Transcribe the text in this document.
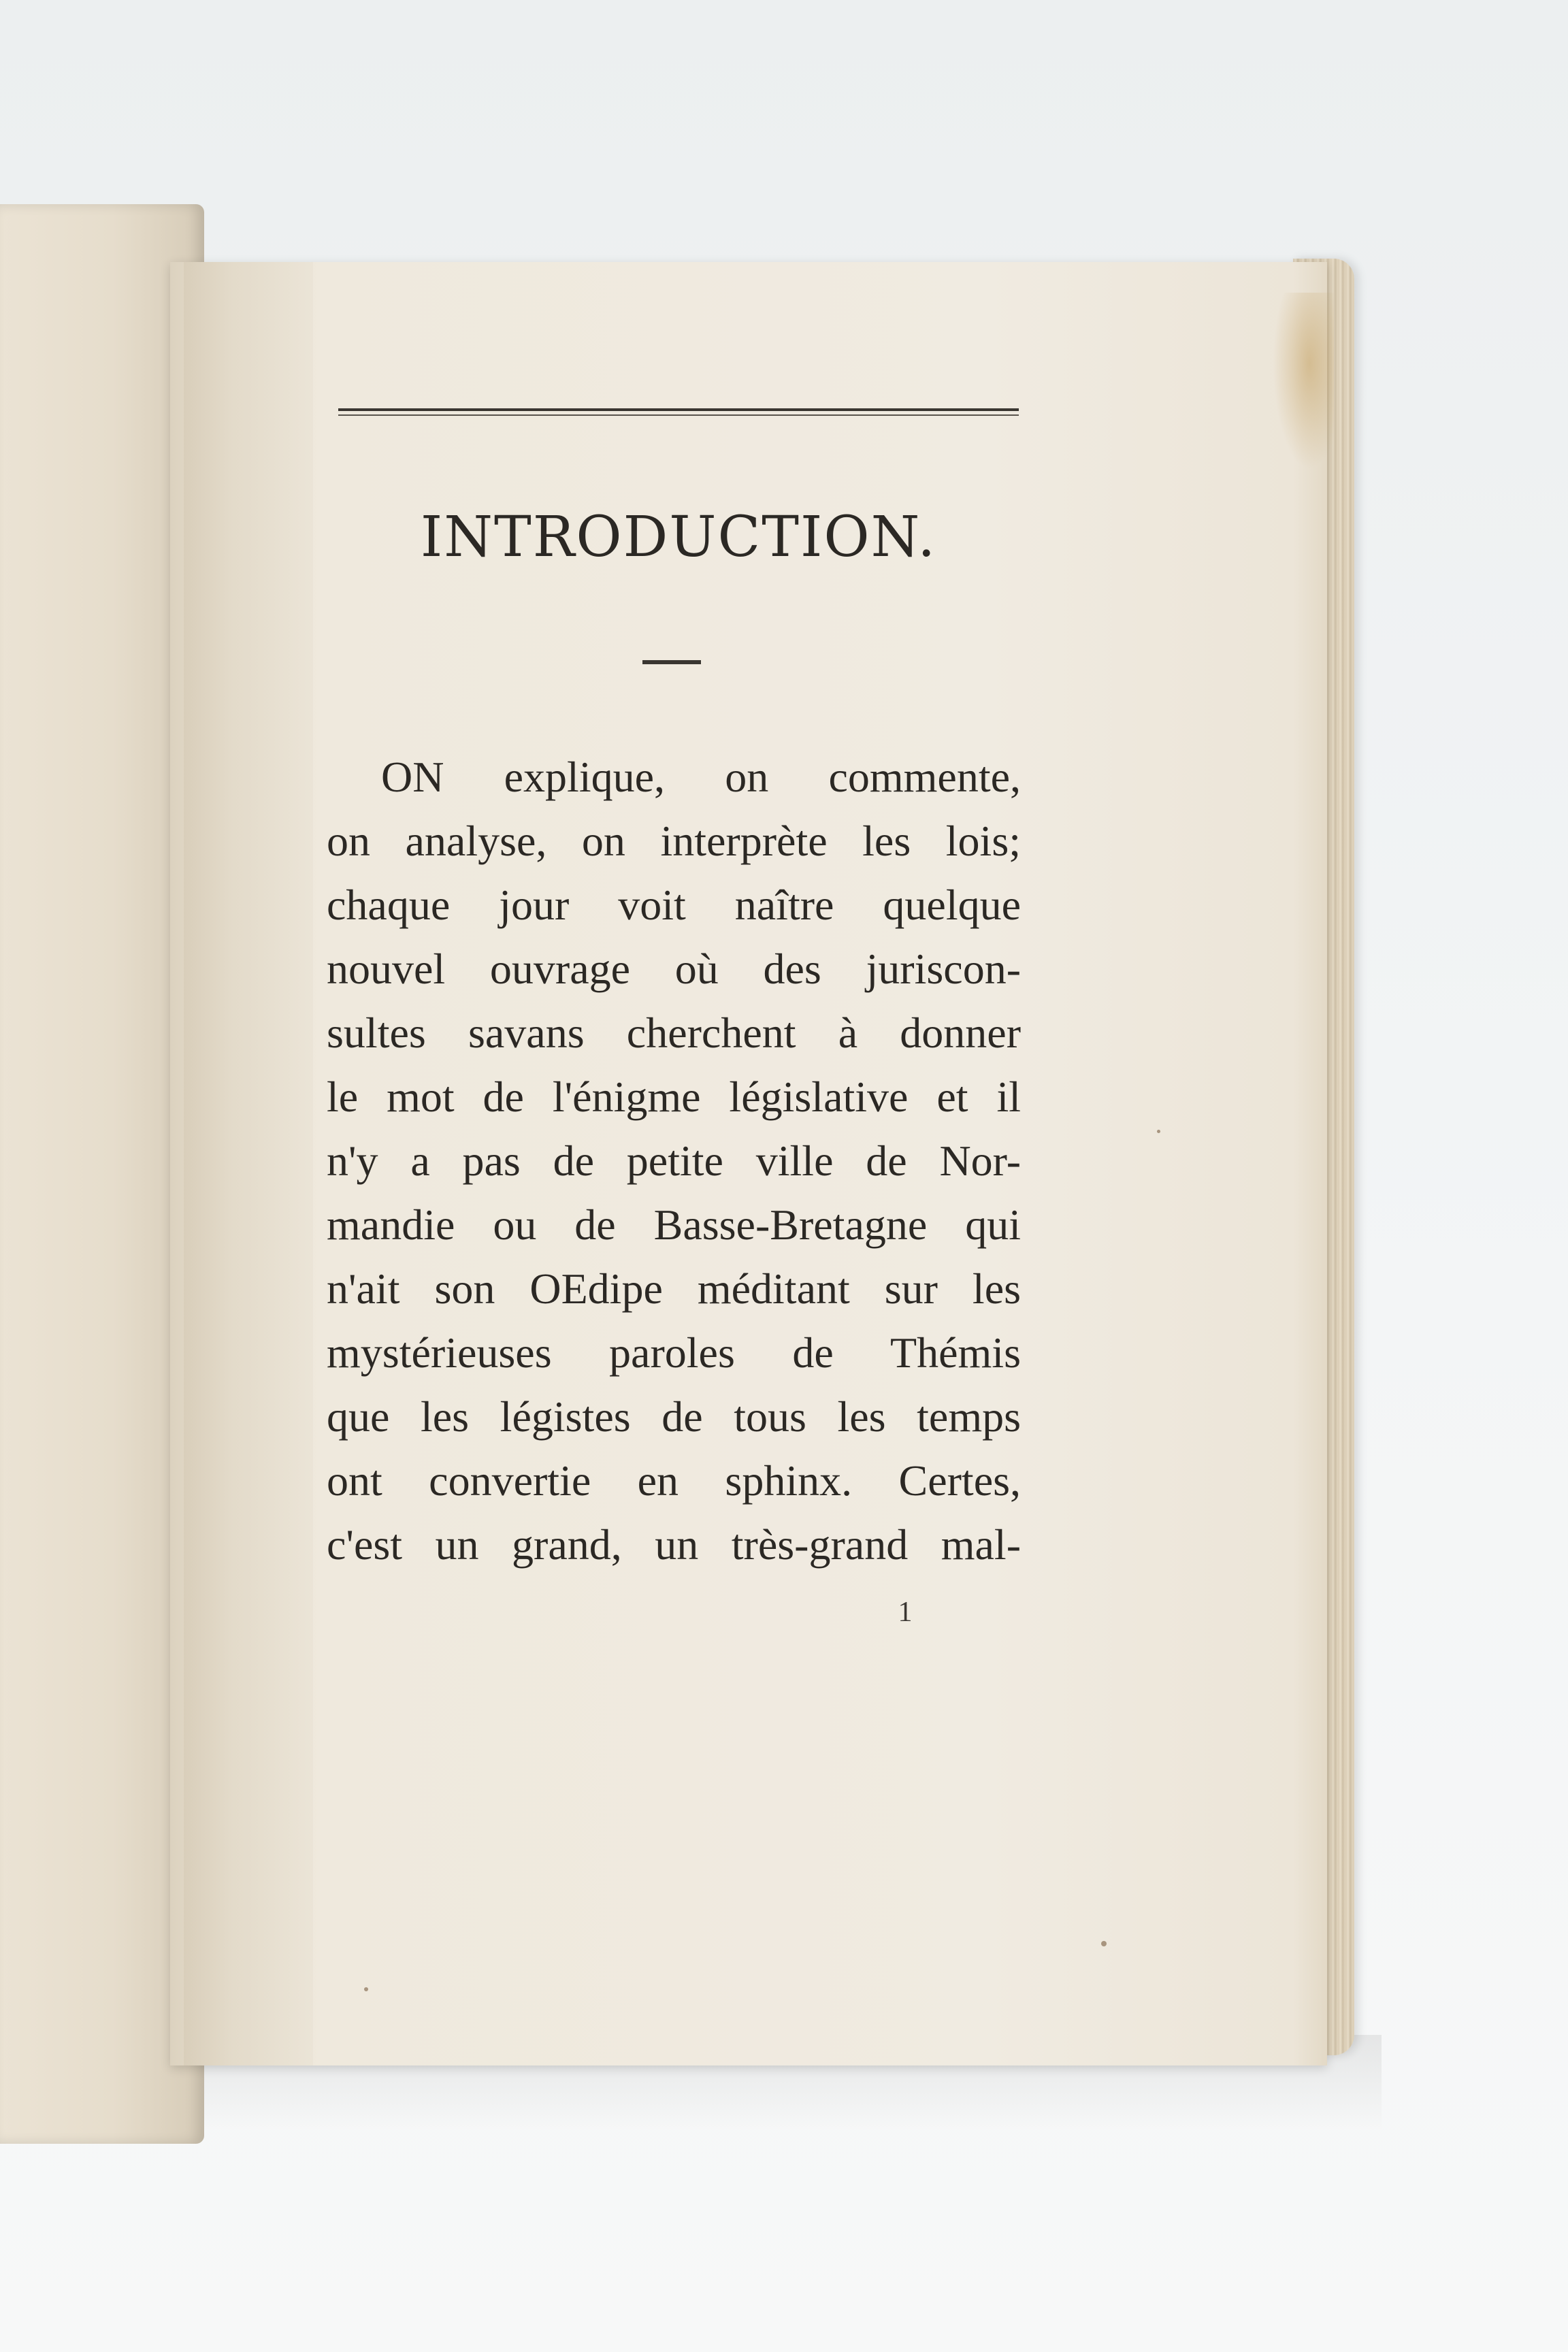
INTRODUCTION.
ON explique, on commente,
on analyse, on interprète les lois;
chaque jour voit naître quelque
nouvel ouvrage où des juriscon-
sultes savans cherchent à donner
le mot de l'énigme législative et il
n'y a pas de petite ville de Nor-
mandie ou de Basse-Bretagne qui
n'ait son OEdipe méditant sur les
mystérieuses paroles de Thémis
que les légistes de tous les temps
ont convertie en sphinx. Certes,
c'est un grand, un très-grand mal-
1
